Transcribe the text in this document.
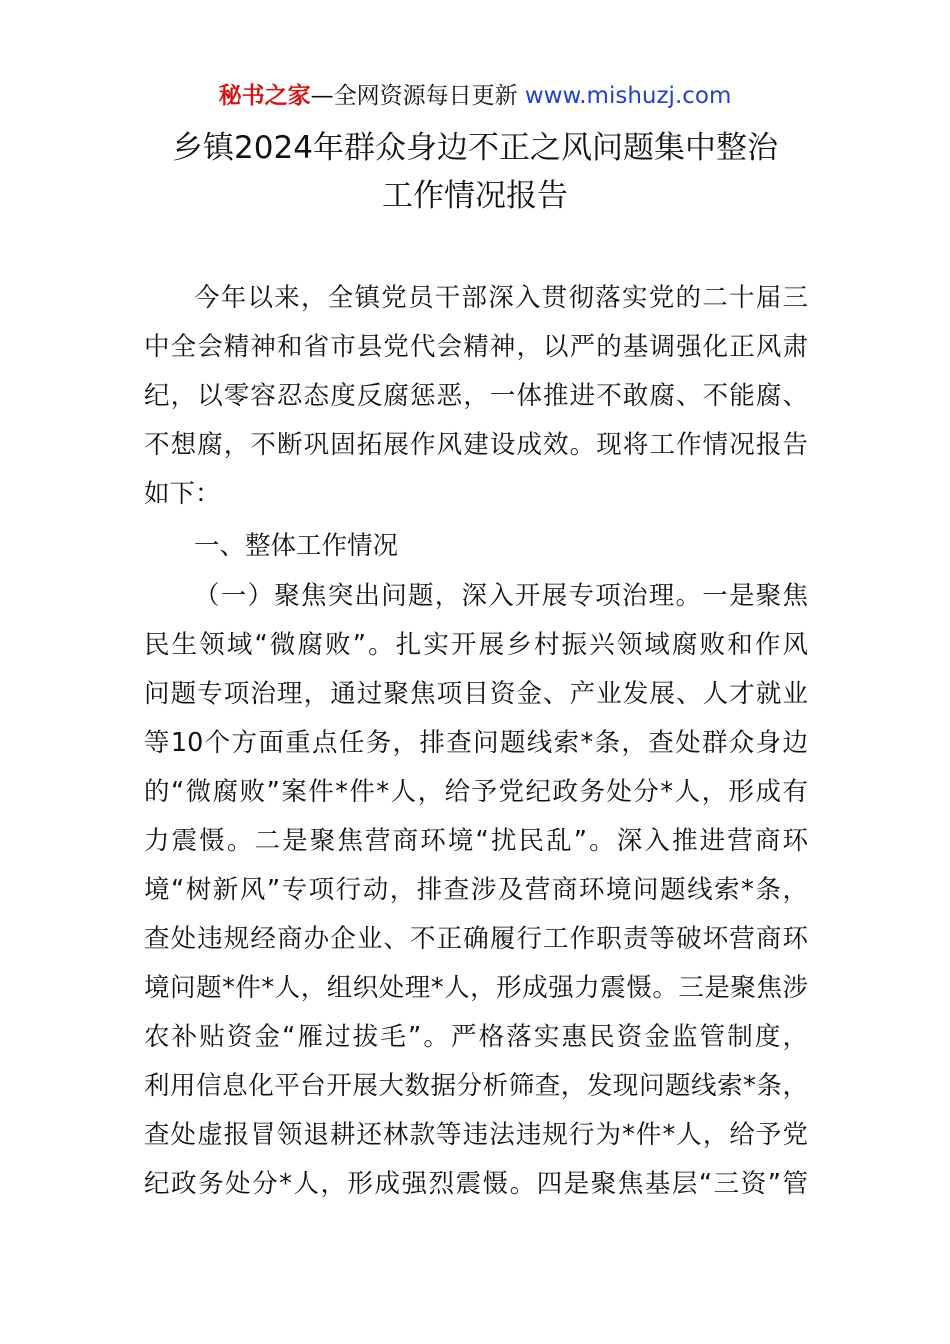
秘书之家—全网资源每日更新 www.mishuzj.com
乡镇2024年群众身边不正之风问题集中整治
工作情况报告
今年以来，全镇党员干部深入贯彻落实党的二十届三
中全会精神和省市县党代会精神，以严的基调强化正风肃
纪，以零容忍态度反腐惩恶，一体推进不敢腐、不能腐、
不想腐，不断巩固拓展作风建设成效。现将工作情况报告
如下：
一、整体工作情况
（一）聚焦突出问题，深入开展专项治理。一是聚焦
民生领域“微腐败”。扎实开展乡村振兴领域腐败和作风
问题专项治理，通过聚焦项目资金、产业发展、人才就业
等10个方面重点任务，排查问题线索*条，查处群众身边
的“微腐败”案件*件*人，给予党纪政务处分*人，形成有
力震慑。二是聚焦营商环境“扰民乱”。深入推进营商环
境“树新风”专项行动，排查涉及营商环境问题线索*条，
查处违规经商办企业、不正确履行工作职责等破坏营商环
境问题*件*人，组织处理*人，形成强力震慑。三是聚焦涉
农补贴资金“雁过拔毛”。严格落实惠民资金监管制度，
利用信息化平台开展大数据分析筛查，发现问题线索*条，
查处虚报冒领退耕还林款等违法违规行为*件*人，给予党
纪政务处分*人，形成强烈震慑。四是聚焦基层“三资”管
